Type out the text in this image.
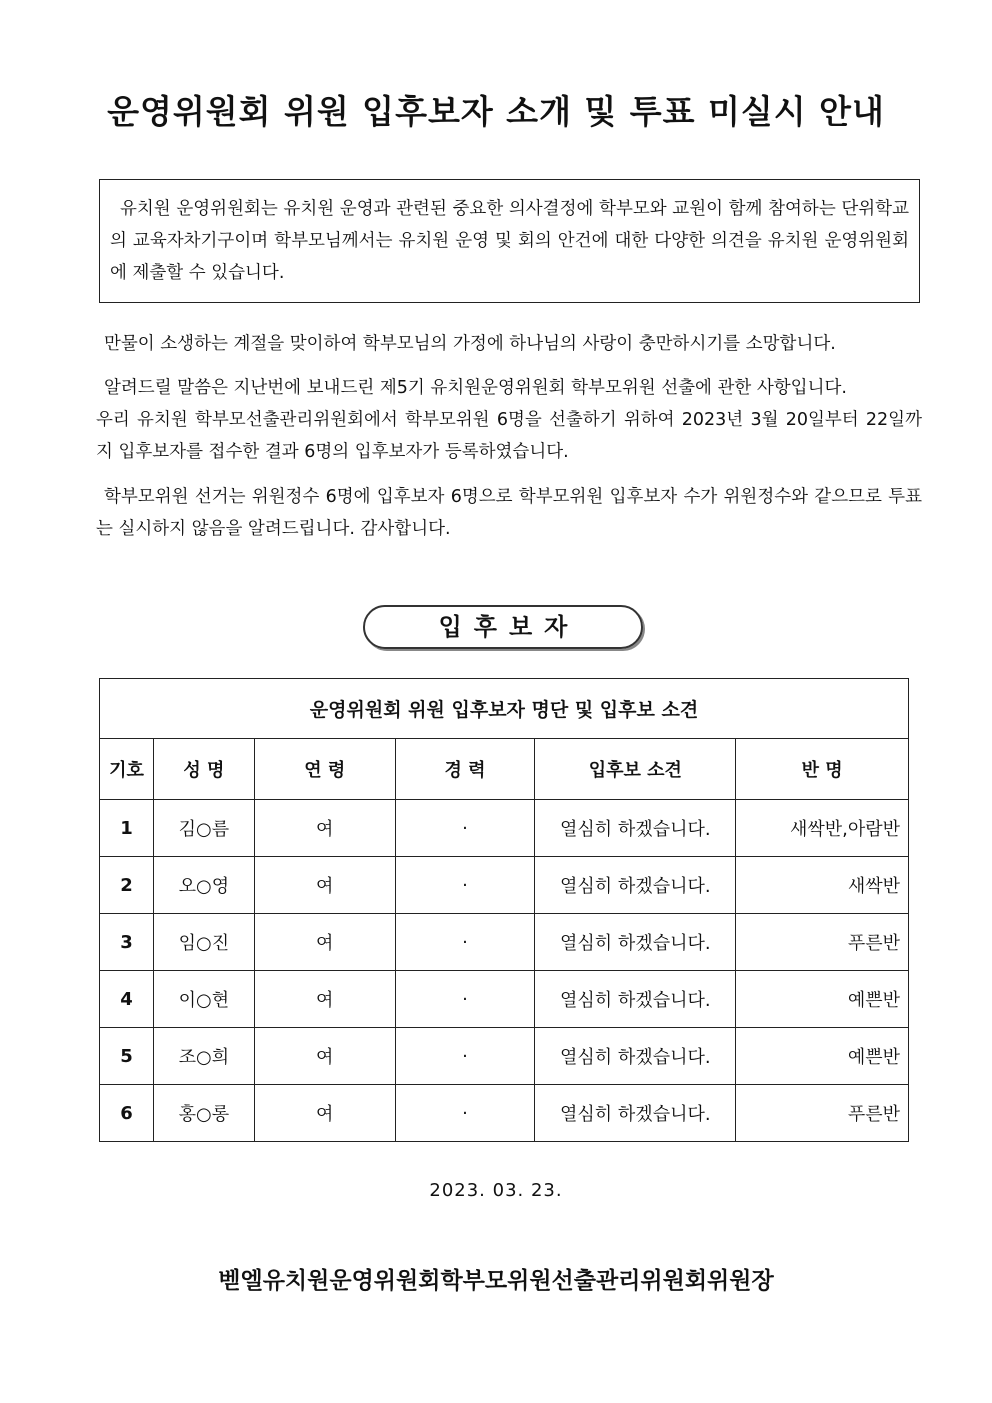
운영위원회 위원 입후보자 소개 및 투표 미실시 안내
유치원 운영위원회는 유치원 운영과 관련된 중요한 의사결정에 학부모와 교원이 함께 참여하는 단위학교의 교육자차기구이며 학부모님께서는 유치원 운영 및 회의 안건에 대한 다양한 의견을 유치원 운영위원회에 제출할 수 있습니다.
만물이 소생하는 계절을 맞이하여 학부모님의 가정에 하나님의 사랑이 충만하시기를 소망합니다.
알려드릴 말씀은 지난번에 보내드린 제5기 유치원운영위원회 학부모위원 선출에 관한 사항입니다.
우리 유치원 학부모선출관리위원회에서 학부모위원 6명을 선출하기 위하여 2023년 3월 20일부터 22일까지 입후보자를 접수한 결과 6명의 입후보자가 등록하였습니다.
학부모위원 선거는 위원정수 6명에 입후보자 6명으로 학부모위원 입후보자 수가 위원정수와 같으므로 투표는 실시하지 않음을 알려드립니다. 감사합니다.
입후보자
운영위원회 위원 입후보자 명단 및 입후보 소견					
기호	성 명	연 령	경 력	입후보 소견	반 명
1	김○름	여	·	열심히 하겠습니다.	새싹반,아람반
2	오○영	여	·	열심히 하겠습니다.	새싹반
3	임○진	여	·	열심히 하겠습니다.	푸른반
4	이○현	여	·	열심히 하겠습니다.	예쁜반
5	조○희	여	·	열심히 하겠습니다.	예쁜반
6	홍○롱	여	·	열심히 하겠습니다.	푸른반
2023. 03. 23.
벧엘유치원운영위원회학부모위원선출관리위원회위원장
